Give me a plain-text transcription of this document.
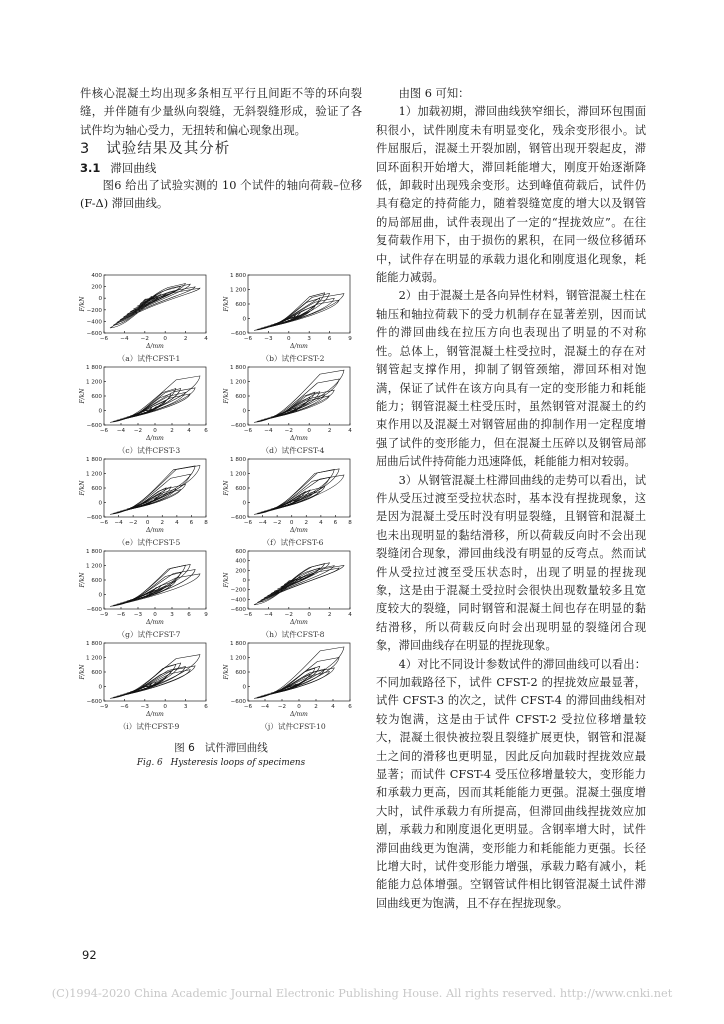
件核心混凝土均出现多条相互平行且间距不等的环向裂缝，并伴随有少量纵向裂缝，无斜裂缝形成，验证了各试件均为轴心受力，无扭转和偏心现象出现。

3 试验结果及其分析

3.1 滞回曲线

图6 给出了试验实测的 10 个试件的轴向荷载–位移(F-Δ) 滞回曲线。

由图 6 可知：

1）加载初期，滞回曲线狭窄细长，滞回环包围面积很小，试件刚度未有明显变化，残余变形很小。试件屈服后，混凝土开裂加剧，钢管出现开裂起皮，滞回环面积开始增大，滞回耗能增大，刚度开始逐渐降低，卸载时出现残余变形。达到峰值荷载后，试件仍具有稳定的持荷能力，随着裂缝宽度的增大以及钢管的局部屈曲，试件表现出了一定的“捏拢效应”。在往复荷载作用下，由于损伤的累积，在同一级位移循环中，试件存在明显的承载力退化和刚度退化现象，耗能能力减弱。

2）由于混凝土是各向异性材料，钢管混凝土柱在轴压和轴拉荷载下的受力机制存在显著差别，因而试件的滞回曲线在拉压方向也表现出了明显的不对称性。总体上，钢管混凝土柱受拉时，混凝土的存在对钢管起支撑作用，抑制了钢管颈缩，滞回环相对饱满，保证了试件在该方向具有一定的变形能力和耗能能力；钢管混凝土柱受压时，虽然钢管对混凝土的约束作用以及混凝土对钢管屈曲的抑制作用一定程度增强了试件的变形能力，但在混凝土压碎以及钢管局部屈曲后试件持荷能力迅速降低，耗能能力相对较弱。

3）从钢管混凝土柱滞回曲线的走势可以看出，试件从受压过渡至受拉状态时，基本没有捏拢现象，这是因为混凝土受压时没有明显裂缝，且钢管和混凝土也未出现明显的黏结滑移，所以荷载反向时不会出现裂缝闭合现象，滞回曲线没有明显的反弯点。然而试件从受拉过渡至受压状态时，出现了明显的捏拢现象，这是由于混凝土受拉时会很快出现数量较多且宽度较大的裂缝，同时钢管和混凝土间也存在明显的黏结滑移，所以荷载反向时会出现明显的裂缝闭合现象，滞回曲线存在明显的捏拢现象。

4）对比不同设计参数试件的滞回曲线可以看出：不同加载路径下，试件 CFST-2 的捏拢效应最显著，试件 CFST-3 的次之，试件 CFST-4 的滞回曲线相对较为饱满，这是由于试件 CFST-2 受拉位移增量较大，混凝土很快被拉裂且裂缝扩展更快，钢管和混凝土之间的滑移也更明显，因此反向加载时捏拢效应最显著；而试件 CFST-4 受压位移增量较大，变形能力和承载力更高，因而其耗能能力更强。混凝土强度增大时，试件承载力有所提高，但滞回曲线捏拢效应加剧，承载力和刚度退化更明显。含钢率增大时，试件滞回曲线更为饱满，变形能力和耗能能力更强。长径比增大时，试件变形能力增强，承载力略有减小，耗能能力总体增强。空钢管试件相比钢管混凝土试件滞回曲线更为饱满，且不存在捏拢现象。

400
200
0
−200
−400
−600
−6 −4 −2	0	2	4
F/kN
Δ/mm
（a）试件CFST-1
1 800
1 200
600
0
−600
−6 −3	0	3	6	9
F/kN
Δ/mm
（b）试件CFST-2
1 800
1 200
600
0
−600
−6 −4 −2 0 2 4 6
F/kN
Δ/mm
（c）试件CFST-3
1 800
1 200
600
0
−600
−6 −4 −2	0	2	4
F/kN
Δ/mm
（d）试件CFST-4
1 800
1 200
600
0
−600
−6 −4 −2 0 2 4 6 8
F/kN
Δ/mm
（e）试件CFST-5
1 800
1 200
600
0
−600
−6 −4 −2 0 2 4 6 8
F/kN
Δ/mm
（f）试件CFST-6
1 800
1 200
600
0
−600
−9 −6 −3 0 3 6 9
F/kN
Δ/mm
（g）试件CFST-7
600
400
200
0
−200
−400
−600
−6 −4 −2	0	2	4
F/kN
Δ/mm
（h）试件CFST-8
1 800
1 200
600
0
−600
−9 −6 −3	0	3	6
F/kN
Δ/mm
（i）试件CFST-9
1 800
1 200
600
0
−600
−6 −4 −2 0 2 4 6
F/kN
Δ/mm
（j）试件CFST-10
图 6 试件滞回曲线
Fig. 6 Hysteresis loops of specimens
92
(C)1994-2020 China Academic Journal Electronic Publishing House. All rights reserved. http://www.cnki.net
